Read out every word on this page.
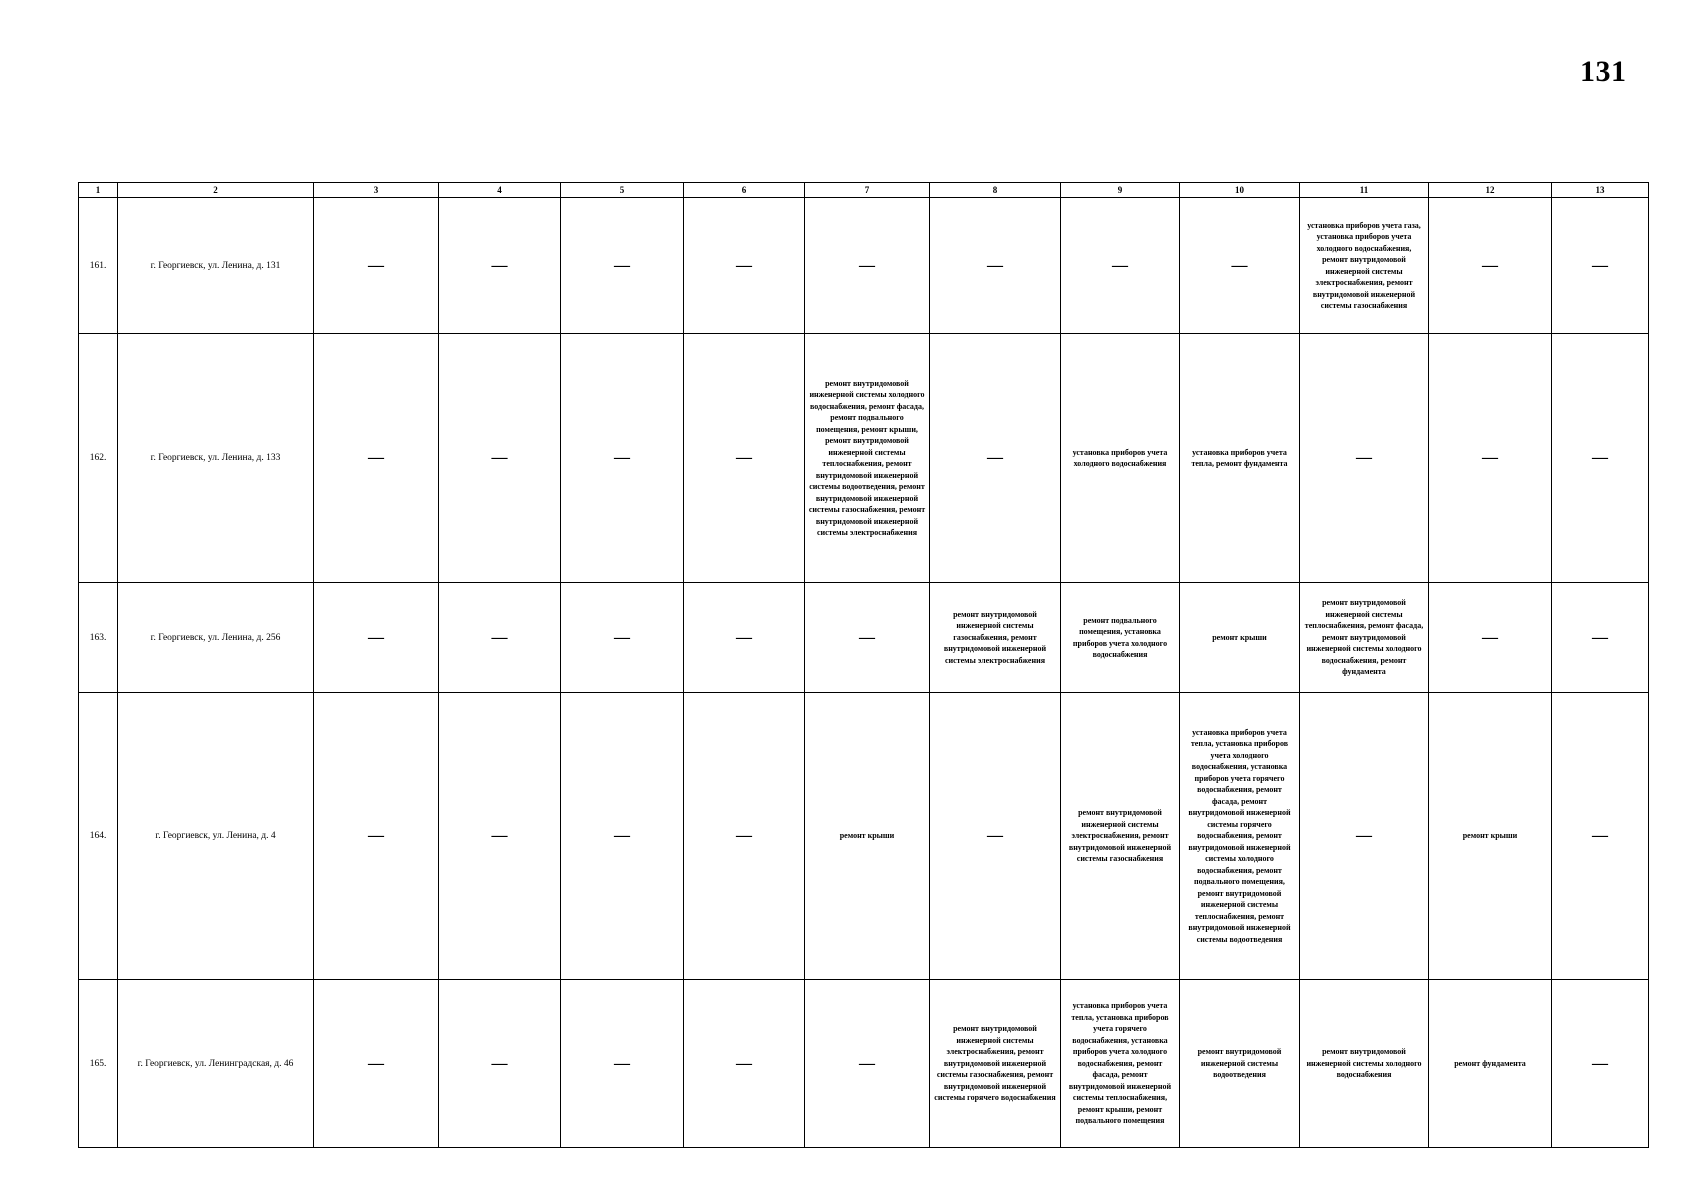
131
1	2	3	4	5	6	7	8	9	10	11	12	13
161.	г. Георгиевск, ул. Ленина, д. 131	—	—	—	—	—	—	—	—	установка приборов учета газа, установка приборов учета холодного водоснабжения, ремонт внутридомовой инженерной системы электроснабжения, ремонт внутридомовой инженерной системы газоснабжения	—	—
162.	г. Георгиевск, ул. Ленина, д. 133	—	—	—	—	ремонт внутридомовой инженерной системы холодного водоснабжения, ремонт фасада, ремонт подвального помещения, ремонт крыши, ремонт внутридомовой инженерной системы теплоснабжения, ремонт внутридомовой инженерной системы водоотведения, ремонт внутридомовой инженерной системы газоснабжения, ремонт внутридомовой инженерной системы электроснабжения	—	установка приборов учета холодного водоснабжения	установка приборов учета тепла, ремонт фундамента	—	—	—
163.	г. Георгиевск, ул. Ленина, д. 256	—	—	—	—	—	ремонт внутридомовой инженерной системы газоснабжения, ремонт внутридомовой инженерной системы электроснабжения	ремонт подвального помещения, установка приборов учета холодного водоснабжения	ремонт крыши	ремонт внутридомовой инженерной системы теплоснабжения, ремонт фасада, ремонт внутридомовой инженерной системы холодного водоснабжения, ремонт фундамента	—	—
164.	г. Георгиевск, ул. Ленина, д. 4	—	—	—	—	ремонт крыши	—	ремонт внутридомовой инженерной системы электроснабжения, ремонт внутридомовой инженерной системы газоснабжения	установка приборов учета тепла, установка приборов учета холодного водоснабжения, установка приборов учета горячего водоснабжения, ремонт фасада, ремонт внутридомовой инженерной системы горячего водоснабжения, ремонт внутридомовой инженерной системы холодного водоснабжения, ремонт подвального помещения, ремонт внутридомовой инженерной системы теплоснабжения, ремонт внутридомовой инженерной системы водоотведения	—	ремонт крыши	—
165.	г. Георгиевск, ул. Ленинградская, д. 46	—	—	—	—	—	ремонт внутридомовой инженерной системы электроснабжения, ремонт внутридомовой инженерной системы газоснабжения, ремонт внутридомовой инженерной системы горячего водоснабжения	установка приборов учета тепла, установка приборов учета горячего водоснабжения, установка приборов учета холодного водоснабжения, ремонт фасада, ремонт внутридомовой инженерной системы теплоснабжения, ремонт крыши, ремонт подвального помещения	ремонт внутридомовой инженерной системы водоотведения	ремонт внутридомовой инженерной системы холодного водоснабжения	ремонт фундамента	—
